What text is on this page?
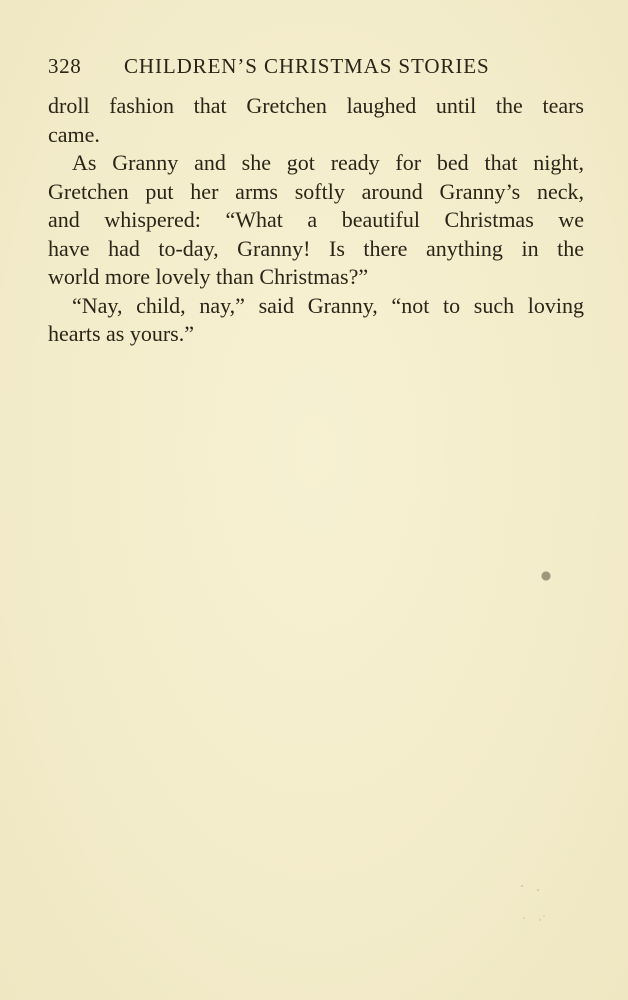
328 CHILDREN’S CHRISTMAS STORIES
droll fashion that Gretchen laughed until the tears
came.
As Granny and she got ready for bed that night,
Gretchen put her arms softly around Granny’s neck,
and whispered: “What a beautiful Christmas we
have had to-day, Granny! Is there anything in the
world more lovely than Christmas?”
“Nay, child, nay,” said Granny, “not to such loving
hearts as yours.”
